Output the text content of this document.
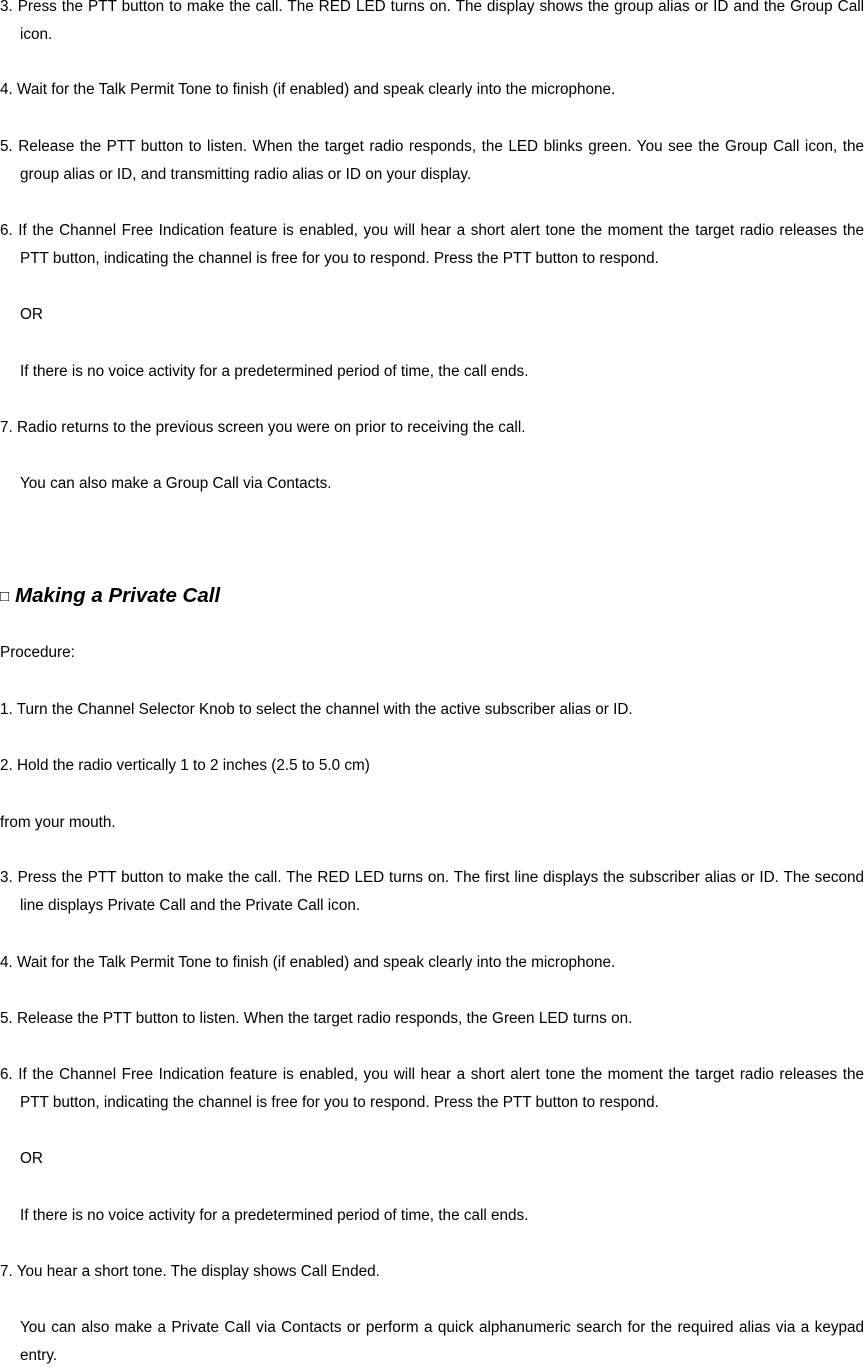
3. Press the PTT button to make the call. The RED LED turns on. The display shows the group alias or ID and the Group Call icon.

4. Wait for the Talk Permit Tone to finish (if enabled) and speak clearly into the microphone.

5. Release the PTT button to listen. When the target radio responds, the LED blinks green. You see the Group Call icon, the group alias or ID, and transmitting radio alias or ID on your display.

6. If the Channel Free Indication feature is enabled, you will hear a short alert tone the moment the target radio releases the PTT button, indicating the channel is free for you to respond. Press the PTT button to respond.

OR

If there is no voice activity for a predetermined period of time, the call ends.

7. Radio returns to the previous screen you were on prior to receiving the call.

You can also make a Group Call via Contacts.

□ Making a Private Call

Procedure:

1. Turn the Channel Selector Knob to select the channel with the active subscriber alias or ID.

2. Hold the radio vertically 1 to 2 inches (2.5 to 5.0 cm)

from your mouth.

3. Press the PTT button to make the call. The RED LED turns on. The first line displays the subscriber alias or ID. The second line displays Private Call and the Private Call icon.

4. Wait for the Talk Permit Tone to finish (if enabled) and speak clearly into the microphone.

5. Release the PTT button to listen. When the target radio responds, the Green LED turns on.

6. If the Channel Free Indication feature is enabled, you will hear a short alert tone the moment the target radio releases the PTT button, indicating the channel is free for you to respond. Press the PTT button to respond.

OR

If there is no voice activity for a predetermined period of time, the call ends.

7. You hear a short tone. The display shows Call Ended.

You can also make a Private Call via Contacts or perform a quick alphanumeric search for the required alias via a keypad entry.
